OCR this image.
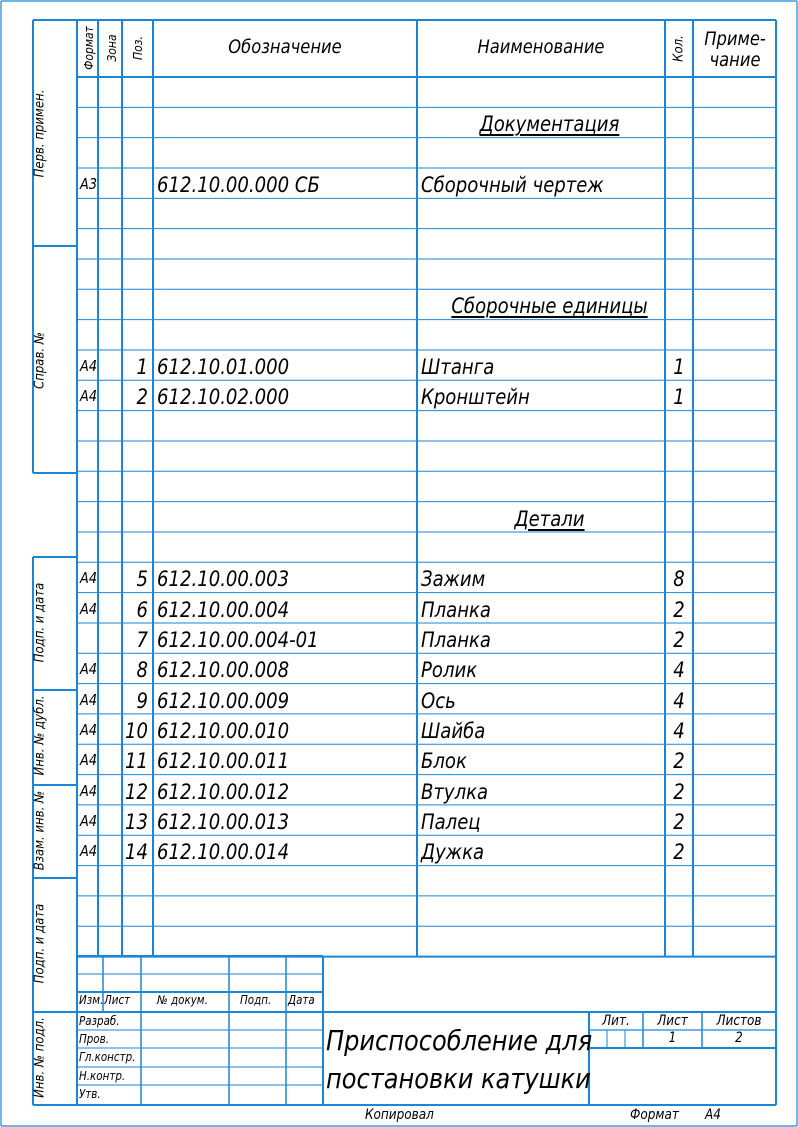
Формат Зона Поз.	Обозначение	Наименование	Кол. Приме-
чание
Перв. примен.
Справ. №
Подп. и дата
Инв. № дубл.
Взам. инв. №
Подп. и дата
Инв. № подл.
Документация
А3	612.10.00.000 СБ	Сборочный чертеж
Сборочные единицы
А4	1 612.10.01.000	Штанга	1
А4	2 612.10.02.000	Кронштейн	1
Детали
А4	5 612.10.00.003	Зажим	8
А4	6 612.10.00.004	Планка	2
7 612.10.00.004-01	Планка	2
А4	8 612.10.00.008	Ролик	4
А4	9 612.10.00.009	Ось	4
А4 10 612.10.00.010	Шайба	4
А4 11 612.10.00.011	Блок	2
А4 12 612.10.00.012	Втулка	2
А4 13 612.10.00.013	Палец	2
А4 14 612.10.00.014	Дужка	2
Изм. Лист № докум.	Подп. Дата
Разраб.
Пров.
Гл.констр.
Н.контр.
Утв.
Приспособление для
постановки катушки
Лит.	Лист	Листов
1	2
Копировал	Формат А4
